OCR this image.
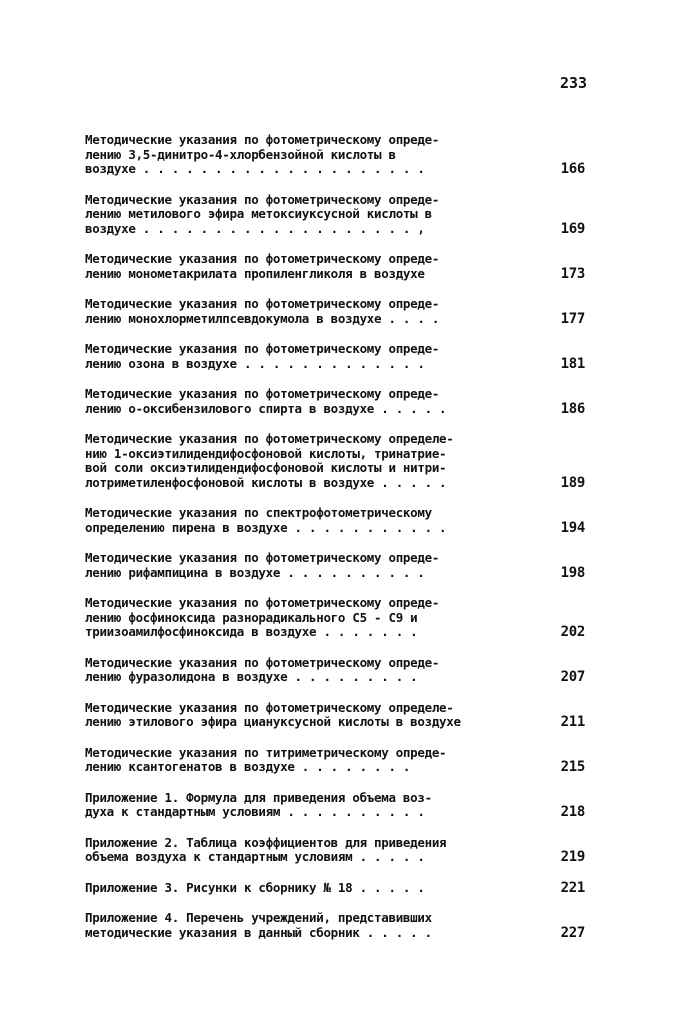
233
Методические указания по фотометрическому опреде-
лению 3,5-динитро-4-хлорбензойной кислоты в
воздухе . . . . . . . . . . . . . . . . . . . .	166
Методические указания по фотометрическому опреде-
лению метилового эфира метоксиуксусной кислоты в
воздухе . . . . . . . . . . . . . . . . . . . ,	169
Методические указания по фотометрическому опреде-
лению монометакрилата пропиленгликоля в воздухе	173
Методические указания по фотометрическому опреде-
лению монохлорметилпсевдокумола в воздухе . . . .	177
Методические указания по фотометрическому опреде-
лению озона в воздухе . . . . . . . . . . . . .	181
Методические указания по фотометрическому опреде-
лению о-оксибензилового спирта в воздухе . . . . .	186
Методические указания по фотометрическому определе-
нию 1-оксиэтилидендифосфоновой кислоты, тринатрие-
вой соли оксиэтилидендифосфоновой кислоты и нитри-
лотриметиленфосфоновой кислоты в воздухе . . . . .	189
Методические указания по спектрофотометрическому
определению пирена в воздухе . . . . . . . . . . .	194
Методические указания по фотометрическому опреде-
лению рифампицина в воздухе . . . . . . . . . .	198
Методические указания по фотометрическому опреде-
лению фосфиноксида разнорадикального C5 - C9 и
триизоамилфосфиноксида в воздухе . . . . . . .	202
Методические указания по фотометрическому опреде-
лению фуразолидона в воздухе . . . . . . . . .	207
Методические указания по фотометрическому определе-
лению этилового эфира циануксусной кислоты в воздухе	211
Методические указания по титриметрическому опреде-
лению ксантогенатов в воздухе . . . . . . . .	215
Приложение 1. Формула для приведения объема воз-
духа к стандартным условиям . . . . . . . . . .	218
Приложение 2. Таблица коэффициентов для приведения
объема воздуха к стандартным условиям . . . . .	219
Приложение 3. Рисунки к сборнику № 18 . . . . .	221
Приложение 4. Перечень учреждений, представивших
методические указания в данный сборник . . . . .	227
